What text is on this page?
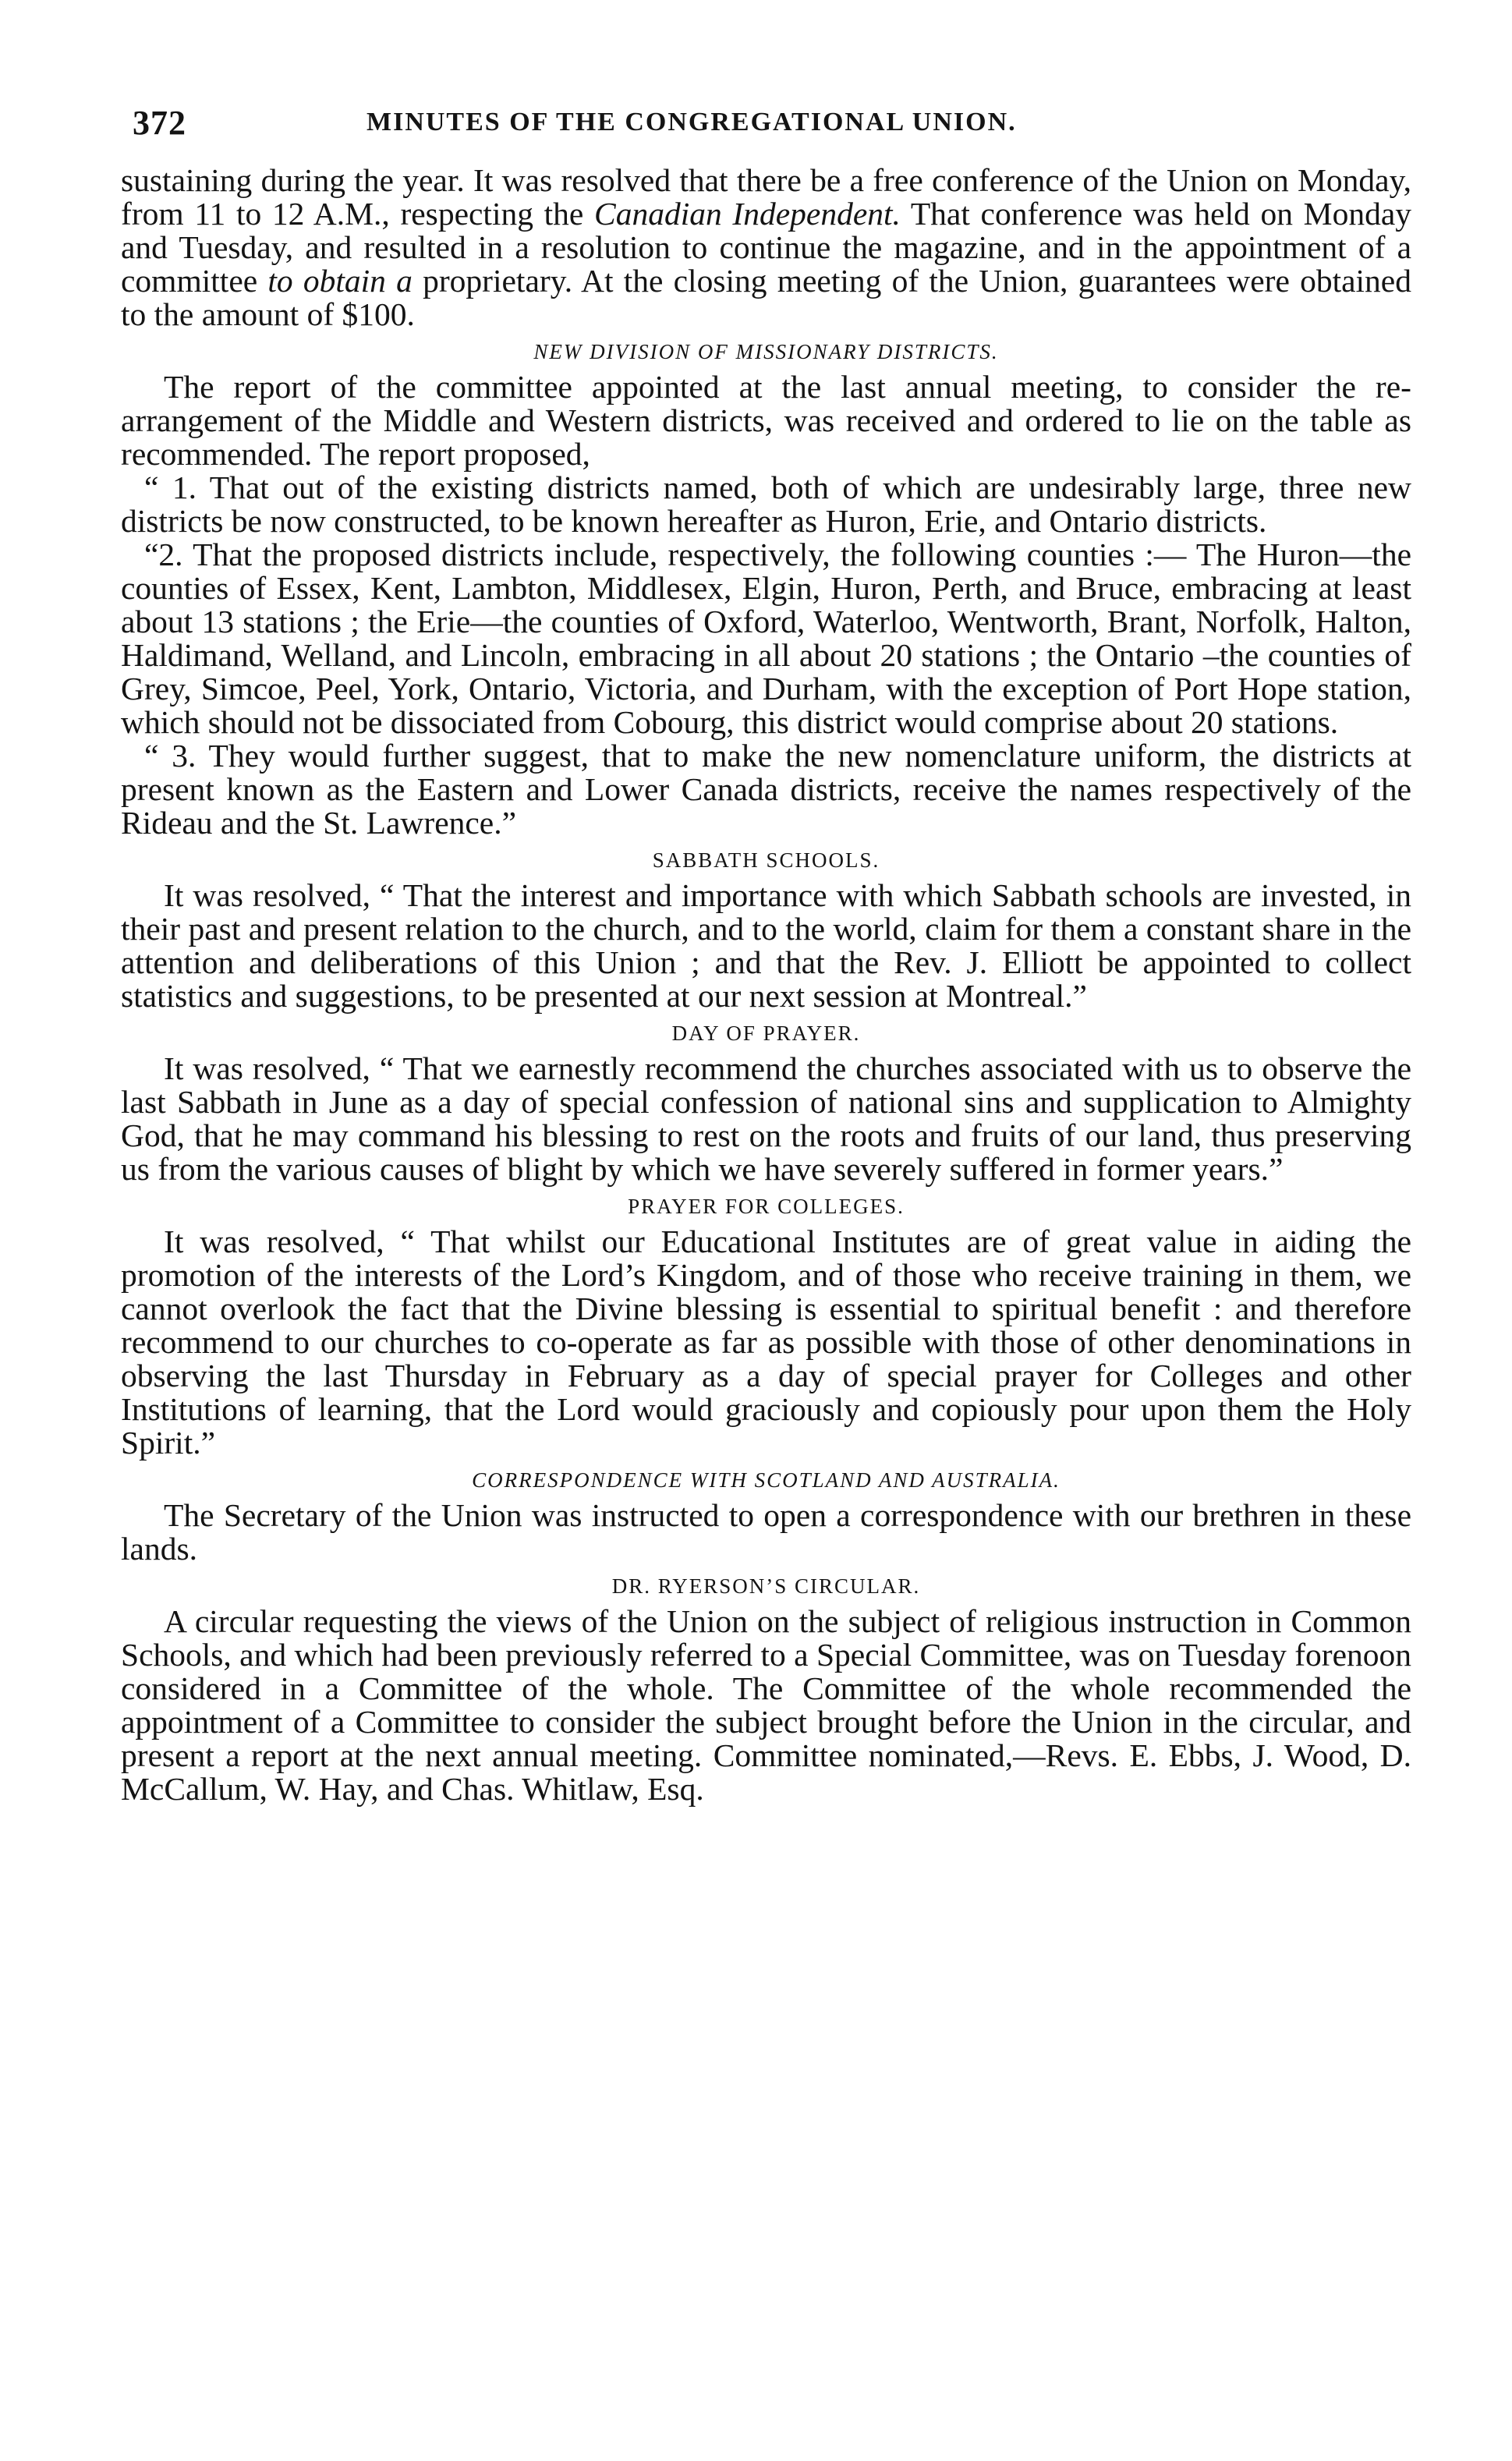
372	MINUTES OF THE CONGREGATIONAL UNION.

sustaining during the year. It was resolved that there be a free conference of the Union on Monday, from 11 to 12 A.M., respecting the Canadian Independent. That conference was held on Monday and Tuesday, and resulted in a resolution to continue the magazine, and in the appointment of a committee to obtain a proprietary. At the closing meeting of the Union, guarantees were obtained to the amount of $100.

NEW DIVISION OF MISSIONARY DISTRICTS.

The report of the committee appointed at the last annual meeting, to consider the re-arrangement of the Middle and Western districts, was received and ordered to lie on the table as recommended. The report proposed,

“ 1. That out of the existing districts named, both of which are undesirably large, three new districts be now constructed, to be known hereafter as Huron, Erie, and Ontario districts.

“2. That the proposed districts include, respectively, the following counties :— The Huron—the counties of Essex, Kent, Lambton, Middlesex, Elgin, Huron, Perth, and Bruce, embracing at least about 13 stations ; the Erie—the counties of Oxford, Waterloo, Wentworth, Brant, Norfolk, Halton, Haldimand, Welland, and Lincoln, embracing in all about 20 stations ; the Ontario –the counties of Grey, Simcoe, Peel, York, Ontario, Victoria, and Durham, with the exception of Port Hope station, which should not be dissociated from Cobourg, this district would comprise about 20 stations.

“ 3. They would further suggest, that to make the new nomenclature uniform, the districts at present known as the Eastern and Lower Canada districts, receive the names respectively of the Rideau and the St. Lawrence.”

SABBATH SCHOOLS.

It was resolved, “ That the interest and importance with which Sabbath schools are invested, in their past and present relation to the church, and to the world, claim for them a constant share in the attention and deliberations of this Union ; and that the Rev. J. Elliott be appointed to collect statistics and suggestions, to be presented at our next session at Montreal.”

DAY OF PRAYER.

It was resolved, “ That we earnestly recommend the churches associated with us to observe the last Sabbath in June as a day of special confession of national sins and supplication to Almighty God, that he may command his blessing to rest on the roots and fruits of our land, thus preserving us from the various causes of blight by which we have severely suffered in former years.”

PRAYER FOR COLLEGES.

It was resolved, “ That whilst our Educational Institutes are of great value in aiding the promotion of the interests of the Lord’s Kingdom, and of those who receive training in them, we cannot overlook the fact that the Divine blessing is essential to spiritual benefit : and therefore recommend to our churches to co-operate as far as possible with those of other denominations in observing the last Thursday in February as a day of special prayer for Colleges and other Institutions of learning, that the Lord would graciously and copiously pour upon them the Holy Spirit.”

CORRESPONDENCE WITH SCOTLAND AND AUSTRALIA.

The Secretary of the Union was instructed to open a correspondence with our brethren in these lands.

DR. RYERSON’S CIRCULAR.

A circular requesting the views of the Union on the subject of religious instruction in Common Schools, and which had been previously referred to a Special Committee, was on Tuesday forenoon considered in a Committee of the whole. The Committee of the whole recommended the appointment of a Committee to consider the subject brought before the Union in the circular, and present a report at the next annual meeting. Committee nominated,—Revs. E. Ebbs, J. Wood, D. McCallum, W. Hay, and Chas. Whitlaw, Esq.
